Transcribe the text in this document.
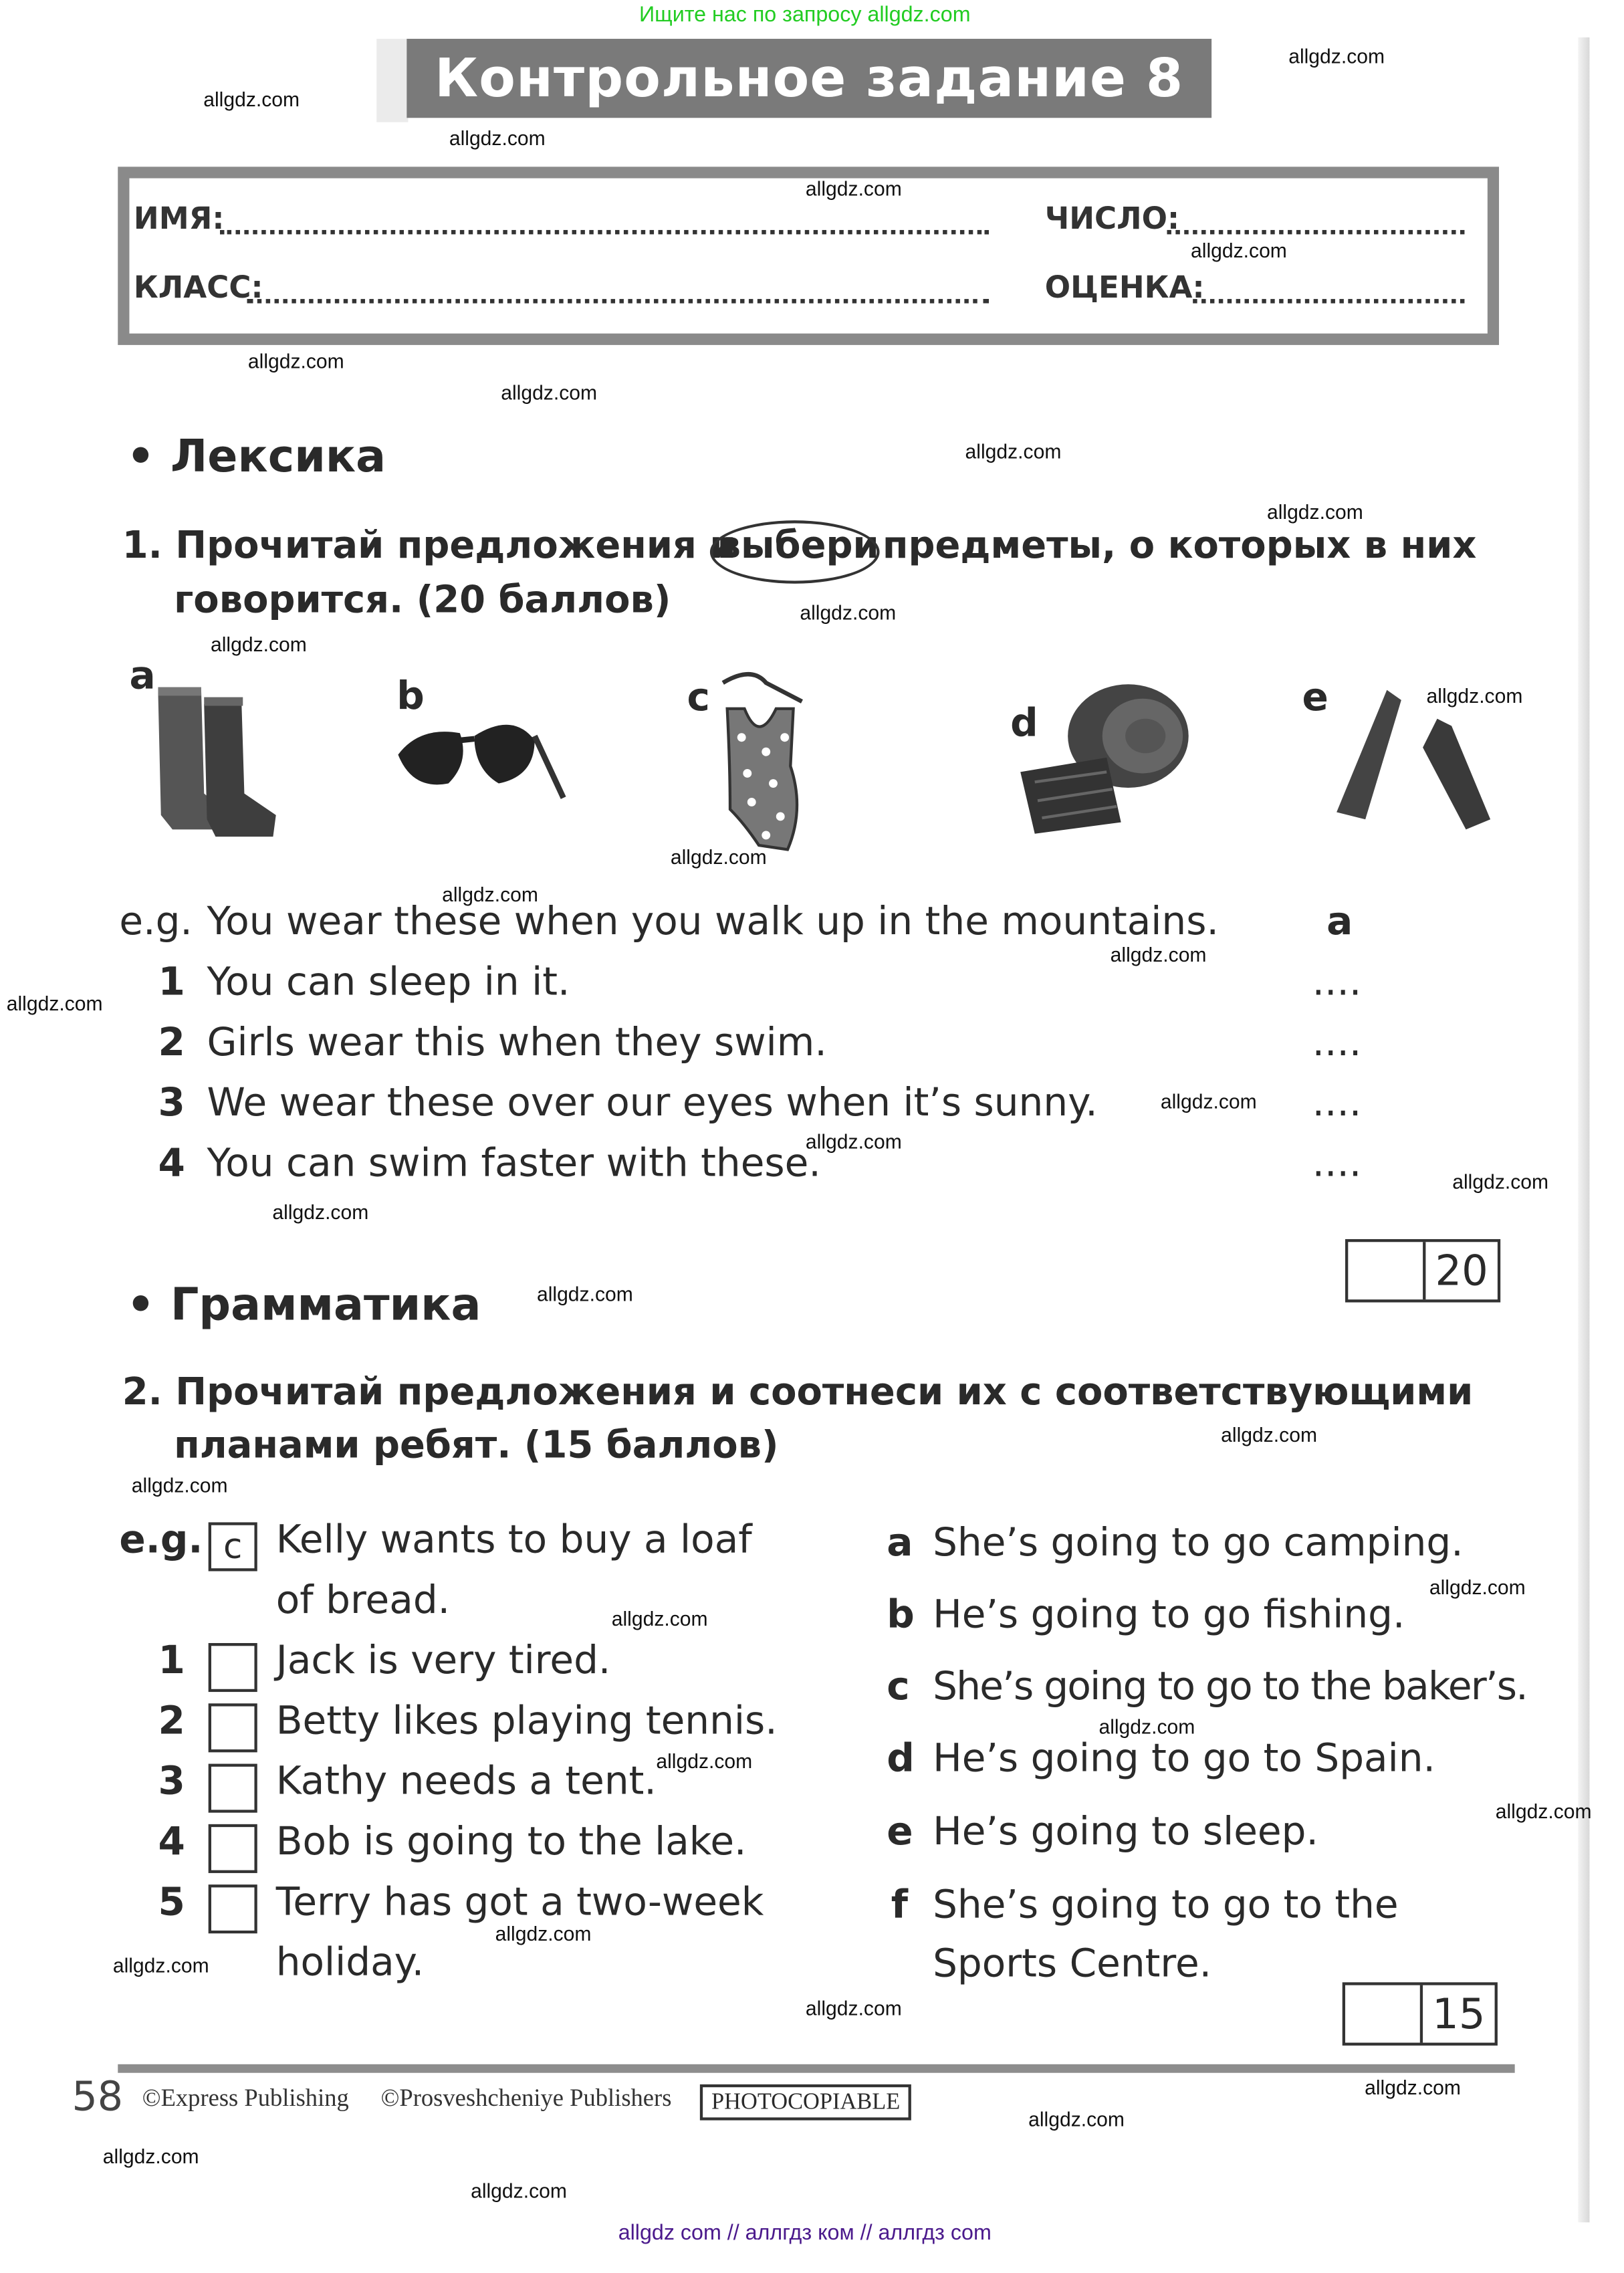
Ищите нас по запросу allgdz.com
Контрольное задание 8 А
ИМЯ:	ЧИСЛО:
КЛАСС:	ОЦЕНКА:
• Лексика
1. Прочитай предложения и
выбери предметы, о которых в них
говорится. (20 баллов)
a	b	c
d
e
e.g. You wear these when you walk up in the mountains.	a
1 You can sleep in it.	....
2 Girls wear this when they swim.	....
3 We wear these over our eyes when it’s sunny.	....
4 You can swim faster with these.	....
20
• Грамматика
2. Прочитай предложения и соотнеси их с соответствующими
планами ребят. (15 баллов)
e.g.	c	Kelly wants to buy a loaf
of bread.
1	Jack is very tired.
2	Betty likes playing tennis.
3	Kathy needs a tent.
4	Bob is going to the lake.
5	Terry has got a two-week
holiday.
a She’s going to go camping.
b He’s going to go fishing.
c She’s going to go to the baker’s.
d He’s going to go to Spain.
e He’s going to sleep.
f She’s going to go to the
Sports Centre.
15
58 ©Express Publishing	©Prosveshcheniye Publishers	PHOTOCOPIABLE
allgdz com // аллгдз ком // аллгдз com
allgdz.com
allgdz.com
allgdz.com
allgdz.com
allgdz.com
allgdz.com
allgdz.com
allgdz.com
allgdz.com
allgdz.com
allgdz.com
allgdz.com
allgdz.com
allgdz.com
allgdz.com
allgdz.com
allgdz.com
allgdz.com
allgdz.com
allgdz.com
allgdz.com
allgdz.com
allgdz.com
allgdz.com
allgdz.com
allgdz.com
allgdz.com
allgdz.com
allgdz.com
allgdz.com
allgdz.com
allgdz.com
allgdz.com
allgdz.com
allgdz.com
